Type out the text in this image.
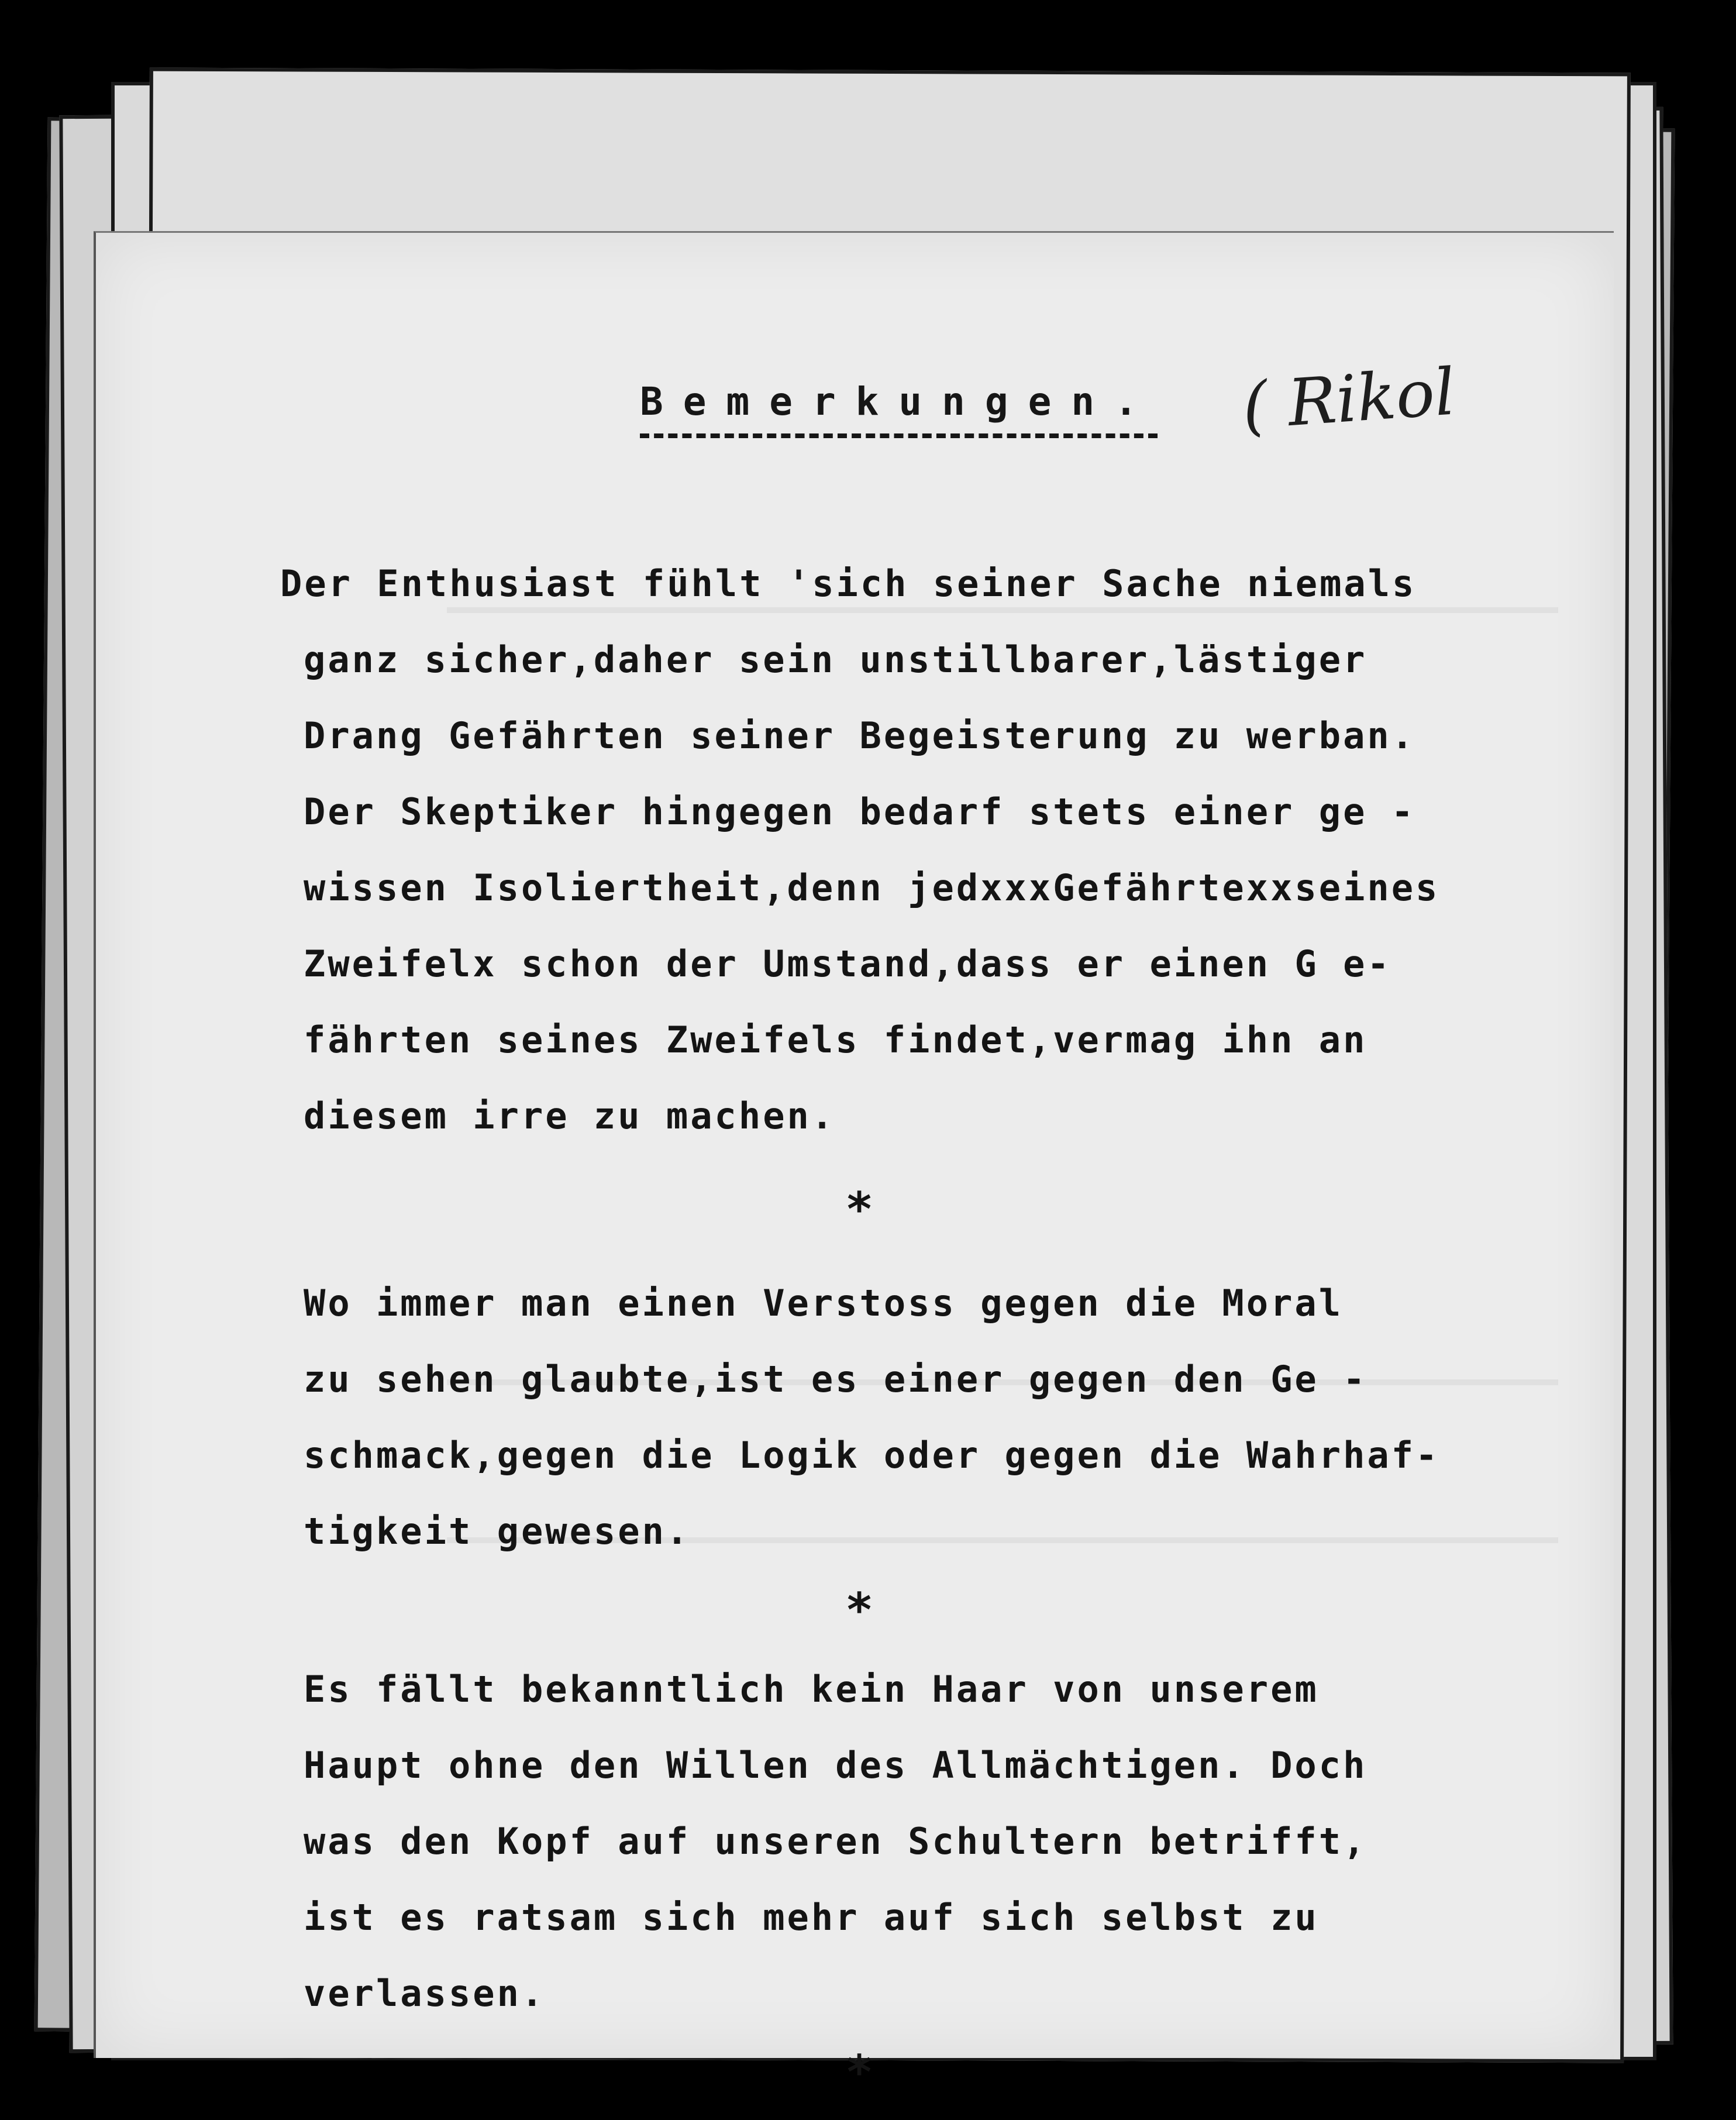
Bemerkungen. ( Rikol

Der Enthusiast fühlt 'sich seiner Sache niemals
ganz sicher,daher sein unstillbarer,lästiger
Drang Gefährten seiner Begeisterung zu werban.
Der Skeptiker hingegen bedarf stets einer ge -
wissen Isoliertheit,denn jedxxxGefährtexxseines
Zweifelx schon der Umstand,dass er einen G e-
fährten seines Zweifels findet,vermag ihn an
diesem irre zu machen.

*

Wo immer man einen Verstoss gegen die Moral
zu sehen glaubte,ist es einer gegen den Ge -
schmack,gegen die Logik oder gegen die Wahrhaf-
tigkeit gewesen.

*

Es fällt bekanntlich kein Haar von unserem
Haupt ohne den Willen des Allmächtigen. Doch
was den Kopf auf unseren Schultern betrifft,
ist es ratsam sich mehr auf sich selbst zu
verlassen.

*
